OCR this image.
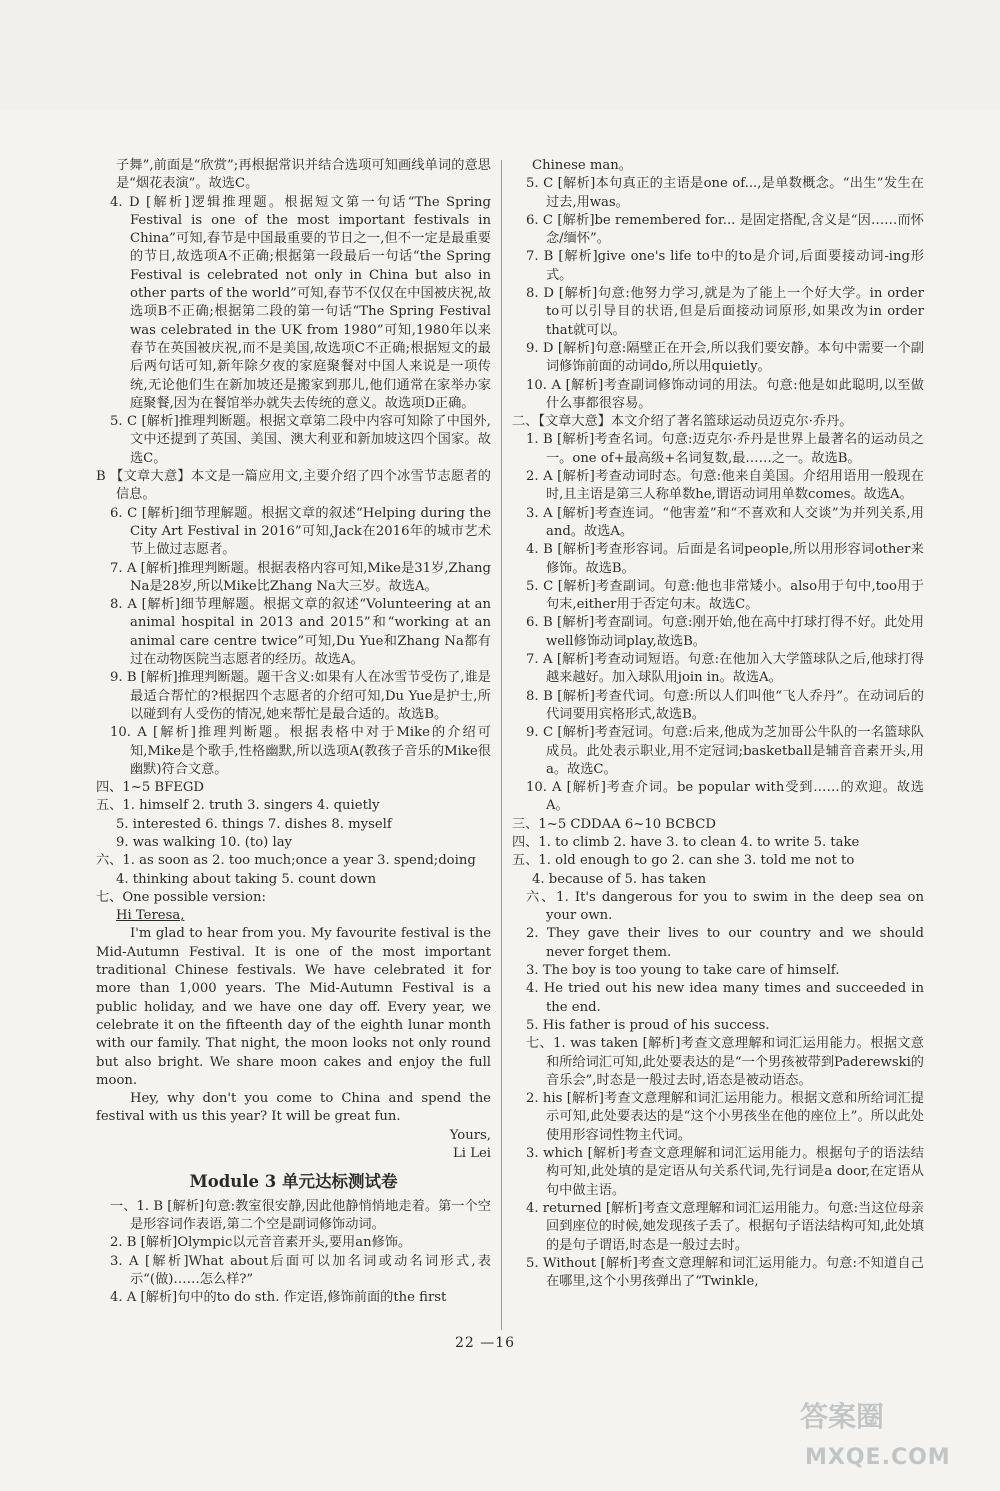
子舞”,前面是“欣赏”;再根据常识并结合选项可知画线单词的意思是“烟花表演”。故选C。
4. D [解析]逻辑推理题。根据短文第一句话“The Spring Festival is one of the most important festivals in China”可知,春节是中国最重要的节日之一,但不一定是最重要的节日,故选项A不正确;根据第一段最后一句话“the Spring Festival is celebrated not only in China but also in other parts of the world”可知,春节不仅仅在中国被庆祝,故选项B不正确;根据第二段的第一句话“The Spring Festival was celebrated in the UK from 1980”可知,1980年以来春节在英国被庆祝,而不是美国,故选项C不正确;根据短文的最后两句话可知,新年除夕夜的家庭聚餐对中国人来说是一项传统,无论他们生在新加坡还是搬家到那儿,他们通常在家举办家庭聚餐,因为在餐馆举办就失去传统的意义。故选项D正确。
5. C [解析]推理判断题。根据文章第二段中内容可知除了中国外,文中还提到了英国、美国、澳大利亚和新加坡这四个国家。故选C。
B 【文章大意】本文是一篇应用文,主要介绍了四个冰雪节志愿者的信息。
6. C [解析]细节理解题。根据文章的叙述“Helping during the City Art Festival in 2016”可知,Jack在2016年的城市艺术节上做过志愿者。
7. A [解析]推理判断题。根据表格内容可知,Mike是31岁,Zhang Na是28岁,所以Mike比Zhang Na大三岁。故选A。
8. A [解析]细节理解题。根据文章的叙述“Volunteering at an animal hospital in 2013 and 2015”和“working at an animal care centre twice”可知,Du Yue和Zhang Na都有过在动物医院当志愿者的经历。故选A。
9. B [解析]推理判断题。题干含义:如果有人在冰雪节受伤了,谁是最适合帮忙的?根据四个志愿者的介绍可知,Du Yue是护士,所以碰到有人受伤的情况,她来帮忙是最合适的。故选B。
10. A [解析]推理判断题。根据表格中对于Mike的介绍可知,Mike是个歌手,性格幽默,所以选项A(教孩子音乐的Mike很幽默)符合文意。
四、1~5 BFEGD
五、1. himself 2. truth 3. singers 4. quietly
5. interested 6. things 7. dishes 8. myself
9. was walking 10. (to) lay
六、1. as soon as 2. too much;once a year 3. spend;doing
4. thinking about taking 5. count down
七、One possible version:
Hi Teresa,
I'm glad to hear from you. My favourite festival is the Mid-Autumn Festival. It is one of the most important traditional Chinese festivals. We have celebrated it for more than 1,000 years. The Mid-Autumn Festival is a public holiday, and we have one day off. Every year, we celebrate it on the fifteenth day of the eighth lunar month with our family. That night, the moon looks not only round but also bright. We share moon cakes and enjoy the full moon.
Hey, why don't you come to China and spend the festival with us this year? It will be great fun.
Yours,
Li Lei
Module 3 单元达标测试卷
一、1. B [解析]句意:教室很安静,因此他静悄悄地走着。第一个空是形容词作表语,第二个空是副词修饰动词。
2. B [解析]Olympic以元音音素开头,要用an修饰。
3. A [解析]What about后面可以加名词或动名词形式,表示“(做)……怎么样?”
4. A [解析]句中的to do sth. 作定语,修饰前面的the first
Chinese man。
5. C [解析]本句真正的主语是one of...,是单数概念。“出生”发生在过去,用was。
6. C [解析]be remembered for... 是固定搭配,含义是“因……而怀念/缅怀”。
7. B [解析]give one's life to中的to是介词,后面要接动词-ing形式。
8. D [解析]句意:他努力学习,就是为了能上一个好大学。in order to可以引导目的状语,但是后面接动词原形,如果改为in order that就可以。
9. D [解析]句意:隔壁正在开会,所以我们要安静。本句中需要一个副词修饰前面的动词do,所以用quietly。
10. A [解析]考查副词修饰动词的用法。句意:他是如此聪明,以至做什么事都很容易。
二、【文章大意】本文介绍了著名篮球运动员迈克尔·乔丹。
1. B [解析]考查名词。句意:迈克尔·乔丹是世界上最著名的运动员之一。one of+最高级+名词复数,最……之一。故选B。
2. A [解析]考查动词时态。句意:他来自美国。介绍用语用一般现在时,且主语是第三人称单数he,谓语动词用单数comes。故选A。
3. A [解析]考查连词。“他害羞”和“不喜欢和人交谈”为并列关系,用and。故选A。
4. B [解析]考查形容词。后面是名词people,所以用形容词other来修饰。故选B。
5. C [解析]考查副词。句意:他也非常矮小。also用于句中,too用于句末,either用于否定句末。故选C。
6. B [解析]考查副词。句意:刚开始,他在高中打球打得不好。此处用well修饰动词play,故选B。
7. A [解析]考查动词短语。句意:在他加入大学篮球队之后,他球打得越来越好。加入球队用join in。故选A。
8. B [解析]考查代词。句意:所以人们叫他“飞人乔丹”。在动词后的代词要用宾格形式,故选B。
9. C [解析]考查冠词。句意:后来,他成为芝加哥公牛队的一名篮球队成员。此处表示职业,用不定冠词;basketball是辅音音素开头,用a。故选C。
10. A [解析]考查介词。be popular with受到……的欢迎。故选A。
三、1~5 CDDAA 6~10 BCBCD
四、1. to climb 2. have 3. to clean 4. to write 5. take
五、1. old enough to go 2. can she 3. told me not to
4. because of 5. has taken
六、1. It's dangerous for you to swim in the deep sea on your own.
2. They gave their lives to our country and we should never forget them.
3. The boy is too young to take care of himself.
4. He tried out his new idea many times and succeeded in the end.
5. His father is proud of his success.
七、1. was taken [解析]考查文意理解和词汇运用能力。根据文意和所给词汇可知,此处要表达的是“一个男孩被带到Paderewski的音乐会”,时态是一般过去时,语态是被动语态。
2. his [解析]考查文意理解和词汇运用能力。根据文意和所给词汇提示可知,此处要表达的是“这个小男孩坐在他的座位上”。所以此处使用形容词性物主代词。
3. which [解析]考查文意理解和词汇运用能力。根据句子的语法结构可知,此处填的是定语从句关系代词,先行词是a door,在定语从句中做主语。
4. returned [解析]考查文意理解和词汇运用能力。句意:当这位母亲回到座位的时候,她发现孩子丢了。根据句子语法结构可知,此处填的是句子谓语,时态是一般过去时。
5. Without [解析]考查文意理解和词汇运用能力。句意:不知道自己在哪里,这个小男孩弹出了“Twinkle,
22 —16
答案圈
MXQE.COM
